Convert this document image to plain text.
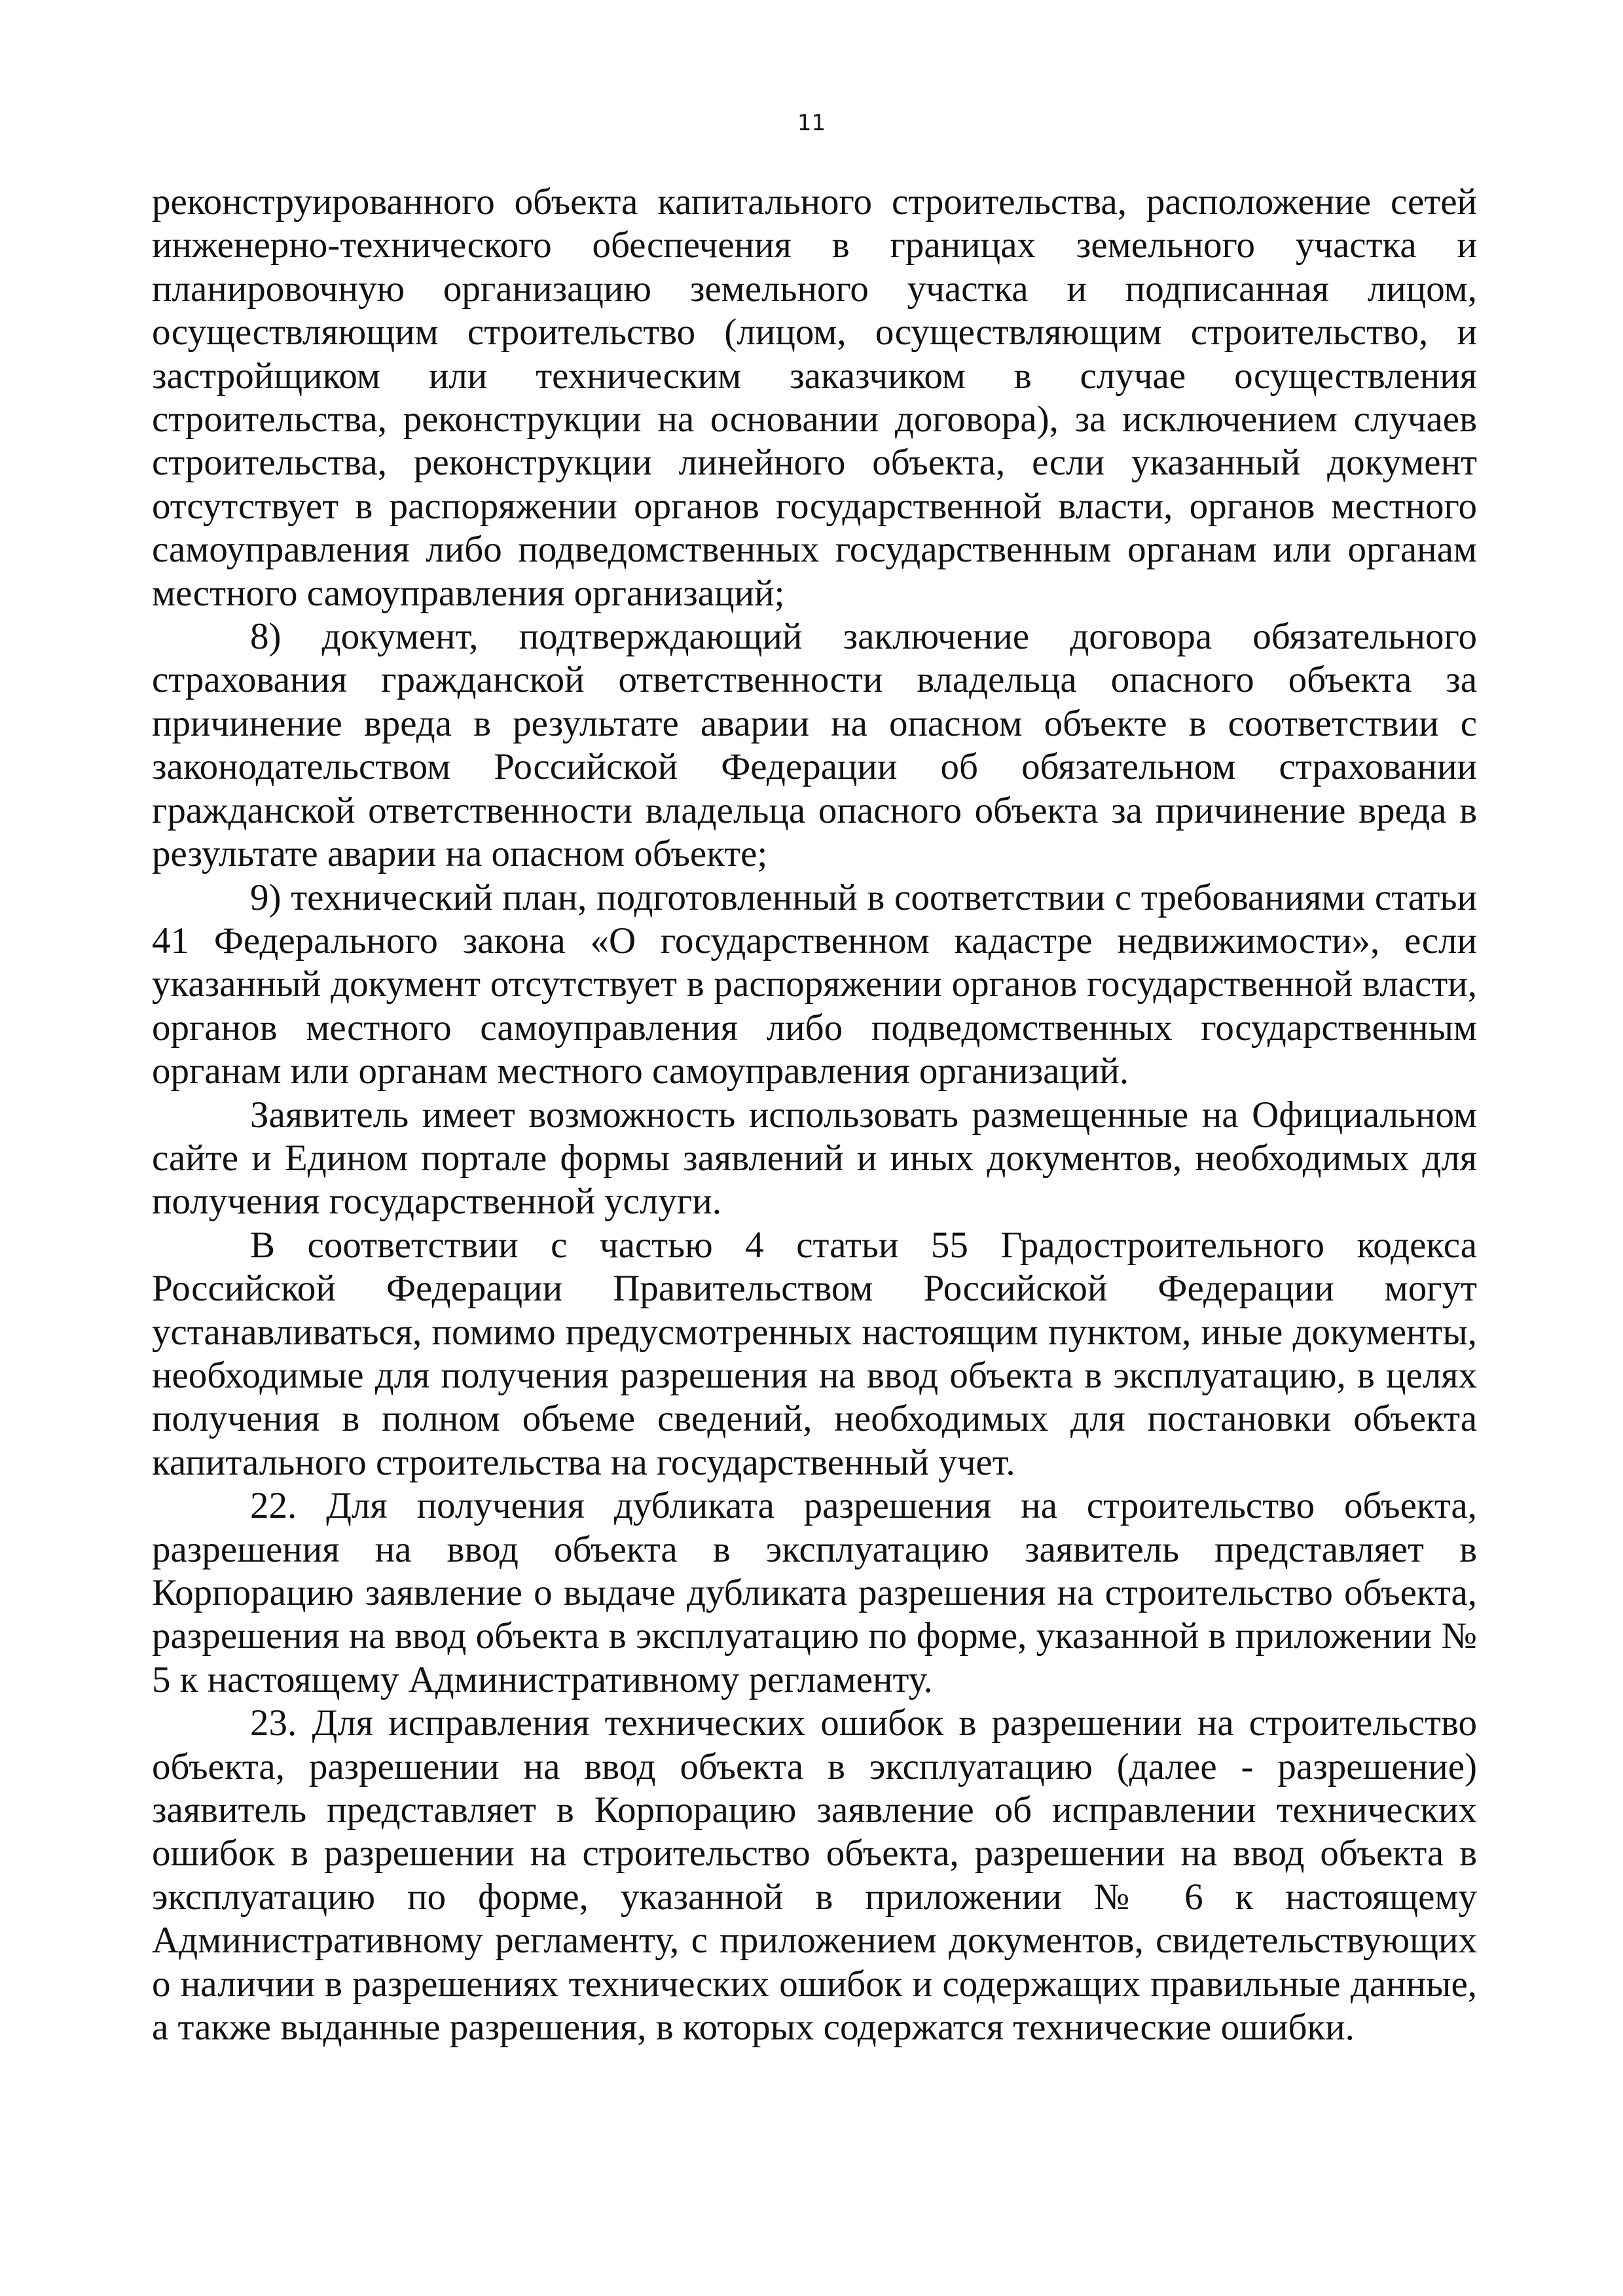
11

реконструированного объекта капитального строительства, расположение сетей инженерно-технического обеспечения в границах земельного участка и планировочную организацию земельного участка и подписанная лицом, осуществляющим строительство (лицом, осуществляющим строительство, и застройщиком или техническим заказчиком в случае осуществления строительства, реконструкции на основании договора), за исключением случаев строительства, реконструкции линейного объекта, если указанный документ отсутствует в распоряжении органов государственной власти, органов местного самоуправления либо подведомственных государственным органам или органам местного самоуправления организаций;

8) документ, подтверждающий заключение договора обязательного страхования гражданской ответственности владельца опасного объекта за причинение вреда в результате аварии на опасном объекте в соответствии с законодательством Российской Федерации об обязательном страховании гражданской ответственности владельца опасного объекта за причинение вреда в результате аварии на опасном объекте;

9) технический план, подготовленный в соответствии с требованиями статьи 41 Федерального закона «О государственном кадастре недвижимости», если указанный документ отсутствует в распоряжении органов государственной власти, органов местного самоуправления либо подведомственных государственным органам или органам местного самоуправления организаций.

Заявитель имеет возможность использовать размещенные на Официальном сайте и Едином портале формы заявлений и иных документов, необходимых для получения государственной услуги.

В соответствии с частью 4 статьи 55 Градостроительного кодекса Российской Федерации Правительством Российской Федерации могут устанавливаться, помимо предусмотренных настоящим пунктом, иные документы, необходимые для получения разрешения на ввод объекта в эксплуатацию, в целях получения в полном объеме сведений, необходимых для постановки объекта капитального строительства на государственный учет.

22. Для получения дубликата разрешения на строительство объекта, разрешения на ввод объекта в эксплуатацию заявитель представляет в Корпорацию заявление о выдаче дубликата разрешения на строительство объекта, разрешения на ввод объекта в эксплуатацию по форме, указанной в приложении № 5 к настоящему Административному регламенту.

23. Для исправления технических ошибок в разрешении на строительство объекта, разрешении на ввод объекта в эксплуатацию (далее - разрешение) заявитель представляет в Корпорацию заявление об исправлении технических ошибок в разрешении на строительство объекта, разрешении на ввод объекта в эксплуатацию по форме, указанной в приложении № 6 к настоящему Административному регламенту, с приложением документов, свидетельствующих о наличии в разрешениях технических ошибок и содержащих правильные данные, а также выданные разрешения, в которых содержатся технические ошибки.
